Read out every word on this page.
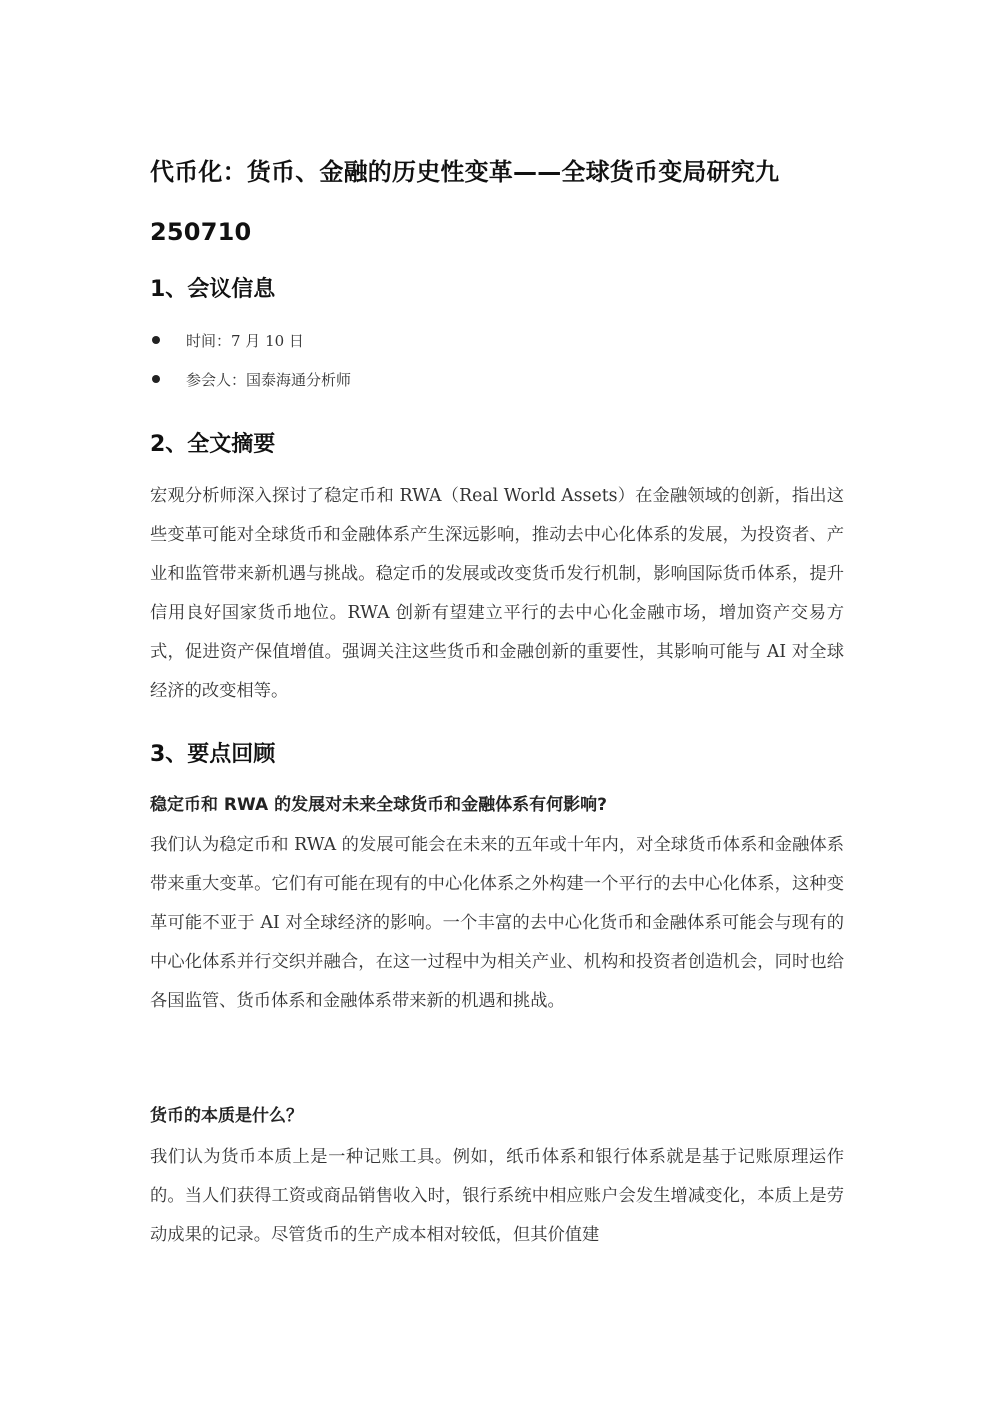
代币化：货币、金融的历史性变革——全球货币变局研究九 250710
1、会议信息
时间：7 月 10 日
参会人：国泰海通分析师
2、全文摘要

宏观分析师深入探讨了稳定币和 RWA（Real World Assets）在金融领域的创新，指出这些变革可能对全球货币和金融体系产生深远影响，推动去中心化体系的发展，为投资者、产业和监管带来新机遇与挑战。稳定币的发展或改变货币发行机制，影响国际货币体系，提升信用良好国家货币地位。RWA 创新有望建立平行的去中心化金融市场，增加资产交易方式，促进资产保值增值。强调关注这些货币和金融创新的重要性，其影响可能与 AI 对全球经济的改变相等。

3、要点回顾
稳定币和 RWA 的发展对未来全球货币和金融体系有何影响?

我们认为稳定币和 RWA 的发展可能会在未来的五年或十年内，对全球货币体系和金融体系带来重大变革。它们有可能在现有的中心化体系之外构建一个平行的去中心化体系，这种变革可能不亚于 AI 对全球经济的影响。一个丰富的去中心化货币和金融体系可能会与现有的中心化体系并行交织并融合，在这一过程中为相关产业、机构和投资者创造机会，同时也给各国监管、货币体系和金融体系带来新的机遇和挑战。

货币的本质是什么？

我们认为货币本质上是一种记账工具。例如，纸币体系和银行体系就是基于记账原理运作的。当人们获得工资或商品销售收入时，银行系统中相应账户会发生增减变化，本质上是劳动成果的记录。尽管货币的生产成本相对较低，但其价值建
